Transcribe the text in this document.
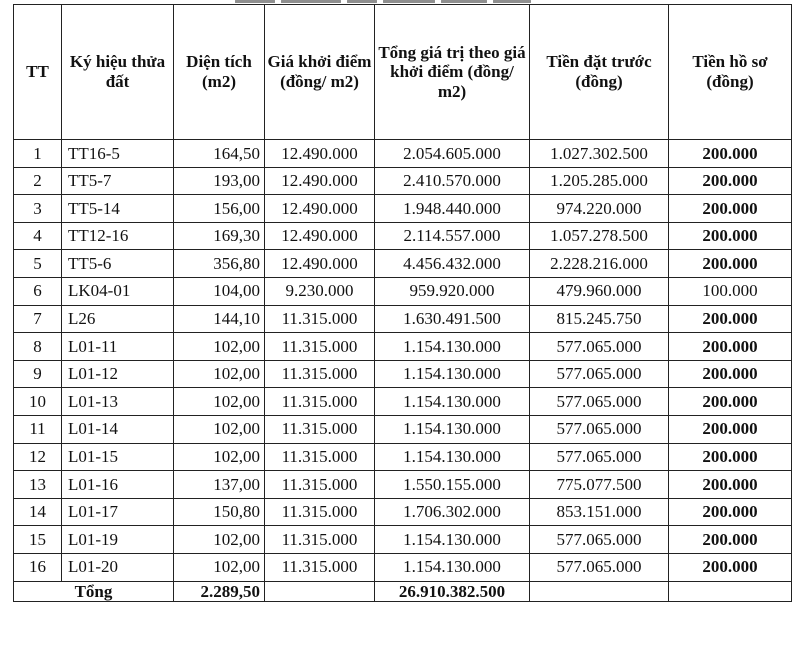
TT	Ký hiệu thửa đất	Diện tích (m2)	Giá khởi điểm (đồng/ m2)	Tổng giá trị theo giá khởi điểm (đồng/ m2)	Tiền đặt trước (đồng)	Tiền hồ sơ (đồng)
1	TT16-5	164,50	12.490.000	2.054.605.000	1.027.302.500	200.000
2	TT5-7	193,00	12.490.000	2.410.570.000	1.205.285.000	200.000
3	TT5-14	156,00	12.490.000	1.948.440.000	974.220.000	200.000
4	TT12-16	169,30	12.490.000	2.114.557.000	1.057.278.500	200.000
5	TT5-6	356,80	12.490.000	4.456.432.000	2.228.216.000	200.000
6	LK04-01	104,00	9.230.000	959.920.000	479.960.000	100.000
7	L26	144,10	11.315.000	1.630.491.500	815.245.750	200.000
8	L01-11	102,00	11.315.000	1.154.130.000	577.065.000	200.000
9	L01-12	102,00	11.315.000	1.154.130.000	577.065.000	200.000
10	L01-13	102,00	11.315.000	1.154.130.000	577.065.000	200.000
11	L01-14	102,00	11.315.000	1.154.130.000	577.065.000	200.000
12	L01-15	102,00	11.315.000	1.154.130.000	577.065.000	200.000
13	L01-16	137,00	11.315.000	1.550.155.000	775.077.500	200.000
14	L01-17	150,80	11.315.000	1.706.302.000	853.151.000	200.000
15	L01-19	102,00	11.315.000	1.154.130.000	577.065.000	200.000
16	L01-20	102,00	11.315.000	1.154.130.000	577.065.000	200.000
Tổng		2.289,50		26.910.382.500		
